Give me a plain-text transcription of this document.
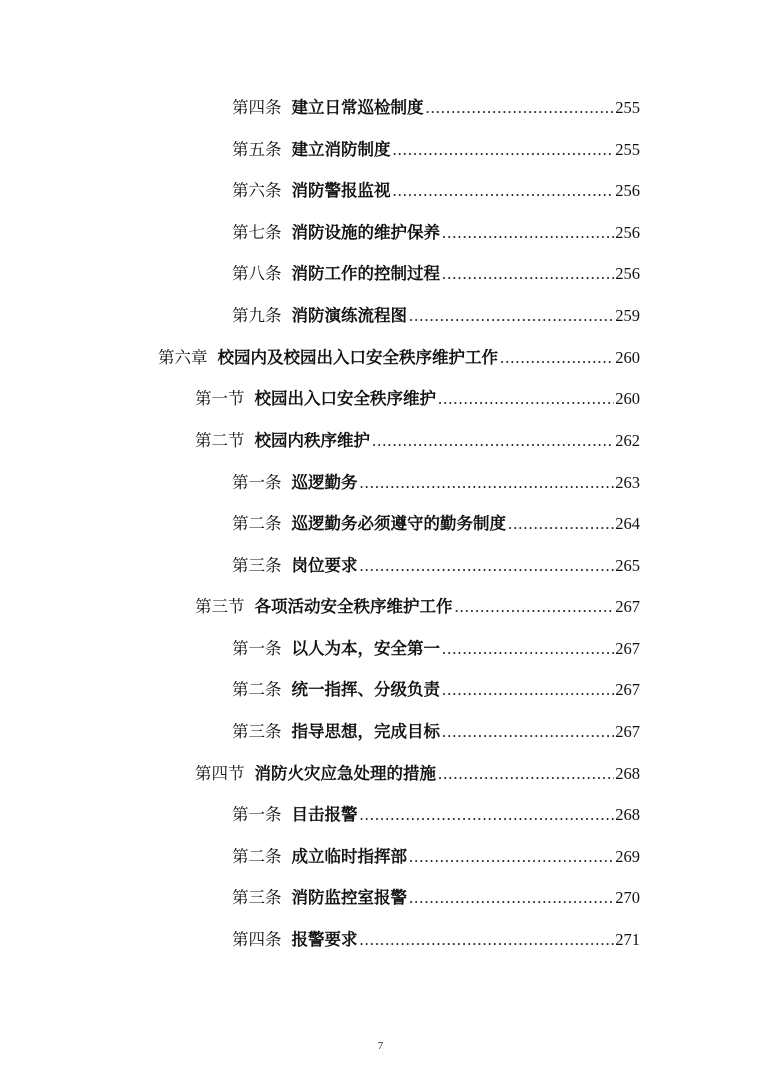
第四条 建立日常巡检制度 .....	255
第五条 建立消防制度 .....	255
第六条 消防警报监视 .....	256
第七条 消防设施的维护保养 .....	256
第八条 消防工作的控制过程 .....	256
第九条 消防演练流程图 .....	259
第六章 校园内及校园出入口安全秩序维护工作 .....	260
第一节 校园出入口安全秩序维护 .....	260
第二节 校园内秩序维护 .....	262
第一条 巡逻勤务 .....	263
第二条 巡逻勤务必须遵守的勤务制度 .....	264
第三条 岗位要求 .....	265
第三节 各项活动安全秩序维护工作 .....	267
第一条 以人为本，安全第一 .....	267
第二条 统一指挥、分级负责 .....	267
第三条 指导思想，完成目标 .....	267
第四节 消防火灾应急处理的措施 .....	268
第一条 目击报警 .....	268
第二条 成立临时指挥部 .....	269
第三条 消防监控室报警 .....	270
第四条 报警要求 .....	271
7
